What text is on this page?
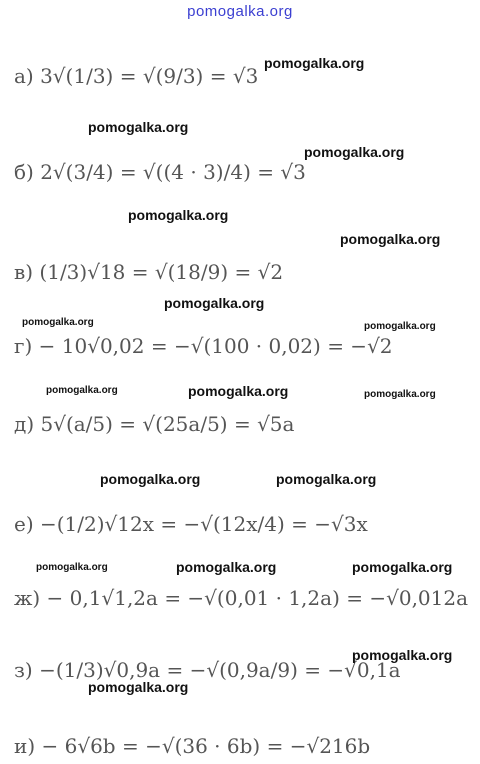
pomogalka.org
а) 3√(1/3) = √(9/3) = √3
б) 2√(3/4) = √((4 · 3)/4) = √3
в) (1/3)√18 = √(18/9) = √2
г) − 10√0,02 = −√(100 · 0,02) = −√2
д) 5√(a/5) = √(25a/5) = √5a
е) −(1/2)√12x = −√(12x/4) = −√3x
ж) − 0,1√1,2a = −√(0,01 · 1,2a) = −√0,012a
з) −(1/3)√0,9a = −√(0,9a/9) = −√0,1a
и) − 6√6b = −√(36 · 6b) = −√216b
pomogalka.org
pomogalka.org
pomogalka.org
pomogalka.org
pomogalka.org
pomogalka.org
pomogalka.org	pomogalka.org
pomogalka.org	pomogalka.org	pomogalka.org
pomogalka.org	pomogalka.org
pomogalka.org	pomogalka.org	pomogalka.org
pomogalka.org
pomogalka.org
